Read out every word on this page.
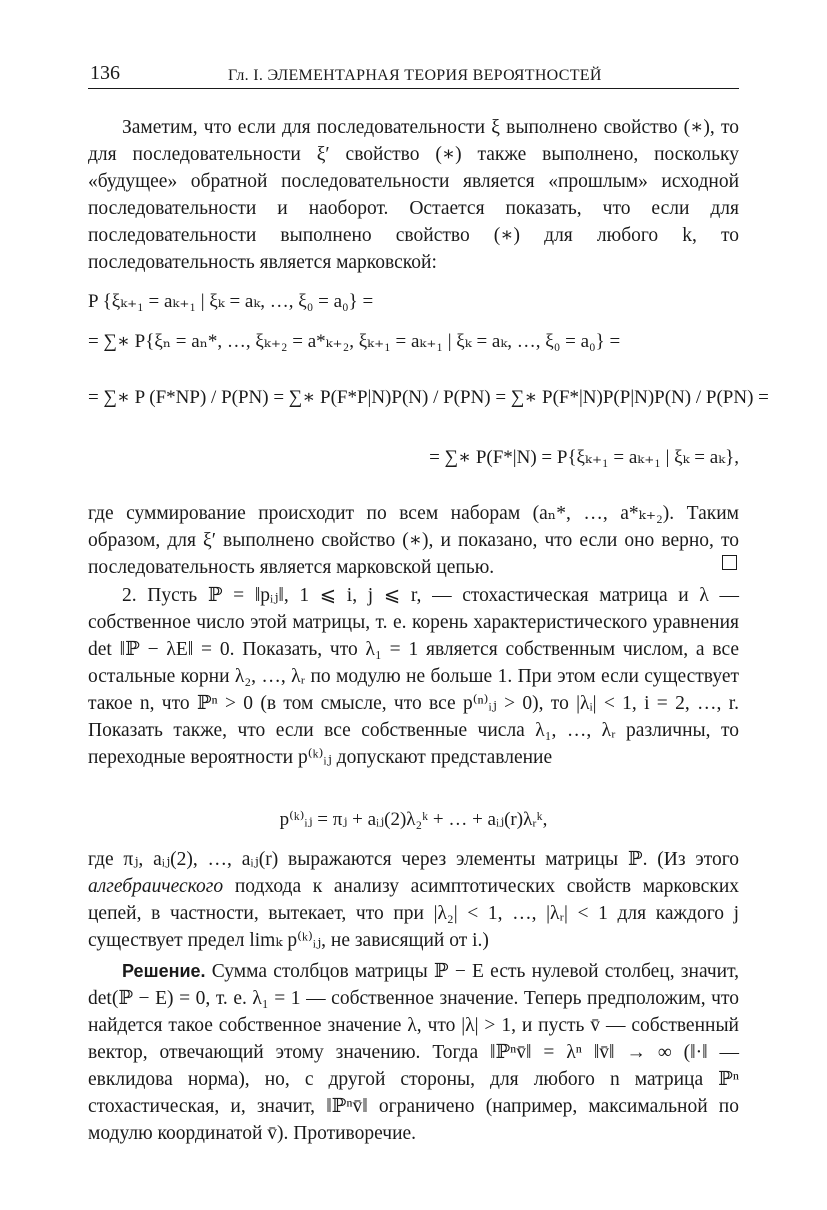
136	Гл. I. ЭЛЕМЕНТАРНАЯ ТЕОРИЯ ВЕРОЯТНОСТЕЙ
Заметим, что если для последовательности ξ выполнено свойство (∗), то для последовательности ξ′ свойство (∗) также выполнено, поскольку «будущее» обратной последовательности является «прошлым» исходной последовательности и наоборот. Остается показать, что если для последовательности выполнено свойство (∗) для любого k, то последовательность является марковской:
P {ξₖ₊₁ = aₖ₊₁ | ξₖ = aₖ, …, ξ₀ = a₀} =
= ∑∗ P{ξₙ = aₙ*, …, ξₖ₊₂ = a*ₖ₊₂, ξₖ₊₁ = aₖ₊₁ | ξₖ = aₖ, …, ξ₀ = a₀} =
= ∑∗ P (F*NP) / P(PN) = ∑∗ P(F*P|N)P(N) / P(PN) = ∑∗ P(F*|N)P(P|N)P(N) / P(PN) =
= ∑∗ P(F*|N) = P{ξₖ₊₁ = aₖ₊₁ | ξₖ = aₖ},
где суммирование происходит по всем наборам (aₙ*, …, a*ₖ₊₂). Таким образом, для ξ′ выполнено свойство (∗), и показано, что если оно верно, то последовательность является марковской цепью.
2. Пусть ℙ = ‖pᵢⱼ‖, 1 ⩽ i, j ⩽ r, — стохастическая матрица и λ — собственное число этой матрицы, т. е. корень характеристического уравнения det ‖ℙ − λE‖ = 0. Показать, что λ₁ = 1 является собственным числом, а все остальные корни λ₂, …, λᵣ по модулю не больше 1. При этом если существует такое n, что ℙⁿ > 0 (в том смысле, что все p⁽ⁿ⁾ᵢⱼ > 0), то |λᵢ| < 1, i = 2, …, r. Показать также, что если все собственные числа λ₁, …, λᵣ различны, то переходные вероятности p⁽ᵏ⁾ᵢⱼ допускают представление
p⁽ᵏ⁾ᵢⱼ = πⱼ + aᵢⱼ(2)λ₂ᵏ + … + aᵢⱼ(r)λᵣᵏ,
где πⱼ, aᵢⱼ(2), …, aᵢⱼ(r) выражаются через элементы матрицы ℙ. (Из этого алгебраического подхода к анализу асимптотических свойств марковских цепей, в частности, вытекает, что при |λ₂| < 1, …, |λᵣ| < 1 для каждого j существует предел limₖ p⁽ᵏ⁾ᵢⱼ, не зависящий от i.)
Решение. Сумма столбцов матрицы ℙ − E есть нулевой столбец, значит, det(ℙ − E) = 0, т. е. λ₁ = 1 — собственное значение. Теперь предположим, что найдется такое собственное значение λ, что |λ| > 1, и пусть v̄ — собственный вектор, отвечающий этому значению. Тогда ‖ℙⁿv̄‖ = λⁿ ‖v̄‖ → ∞ (‖·‖ — евклидова норма), но, с другой стороны, для любого n матрица ℙⁿ стохастическая, и, значит, ‖ℙⁿv̄‖ ограничено (например, максимальной по модулю координатой v̄). Противоречие.
